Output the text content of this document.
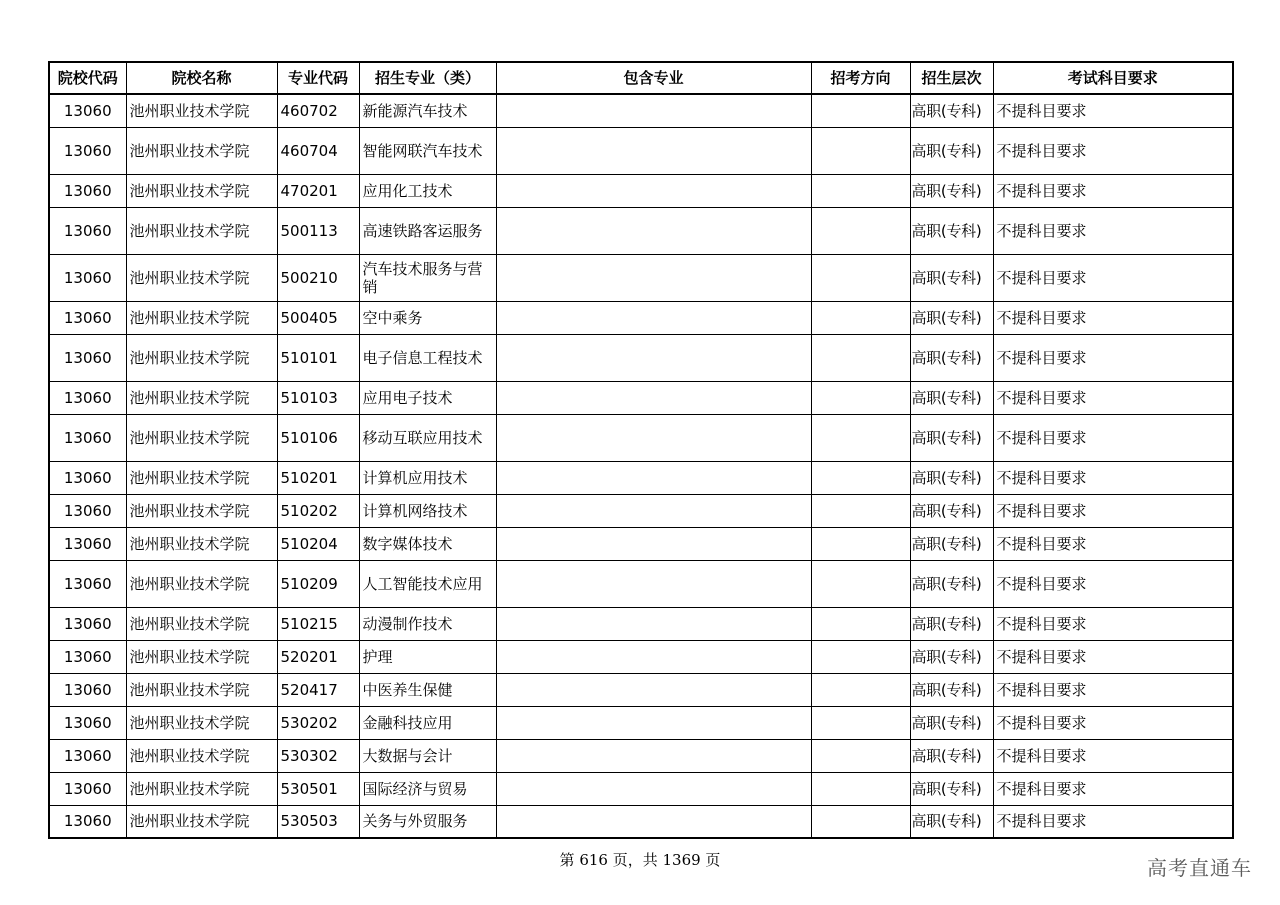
院校代码	院校名称	专业代码	招生专业（类）	包含专业	招考方向	招生层次	考试科目要求
13060	池州职业技术学院	460702	新能源汽车技术			高职(专科)	不提科目要求
13060	池州职业技术学院	460704	智能网联汽车技术			高职(专科)	不提科目要求
13060	池州职业技术学院	470201	应用化工技术			高职(专科)	不提科目要求
13060	池州职业技术学院	500113	高速铁路客运服务			高职(专科)	不提科目要求
13060	池州职业技术学院	500210	汽车技术服务与营销			高职(专科)	不提科目要求
13060	池州职业技术学院	500405	空中乘务			高职(专科)	不提科目要求
13060	池州职业技术学院	510101	电子信息工程技术			高职(专科)	不提科目要求
13060	池州职业技术学院	510103	应用电子技术			高职(专科)	不提科目要求
13060	池州职业技术学院	510106	移动互联应用技术			高职(专科)	不提科目要求
13060	池州职业技术学院	510201	计算机应用技术			高职(专科)	不提科目要求
13060	池州职业技术学院	510202	计算机网络技术			高职(专科)	不提科目要求
13060	池州职业技术学院	510204	数字媒体技术			高职(专科)	不提科目要求
13060	池州职业技术学院	510209	人工智能技术应用			高职(专科)	不提科目要求
13060	池州职业技术学院	510215	动漫制作技术			高职(专科)	不提科目要求
13060	池州职业技术学院	520201	护理			高职(专科)	不提科目要求
13060	池州职业技术学院	520417	中医养生保健			高职(专科)	不提科目要求
13060	池州职业技术学院	530202	金融科技应用			高职(专科)	不提科目要求
13060	池州职业技术学院	530302	大数据与会计			高职(专科)	不提科目要求
13060	池州职业技术学院	530501	国际经济与贸易			高职(专科)	不提科目要求
13060	池州职业技术学院	530503	关务与外贸服务			高职(专科)	不提科目要求
第 616 页，共 1369 页	高考直通车
